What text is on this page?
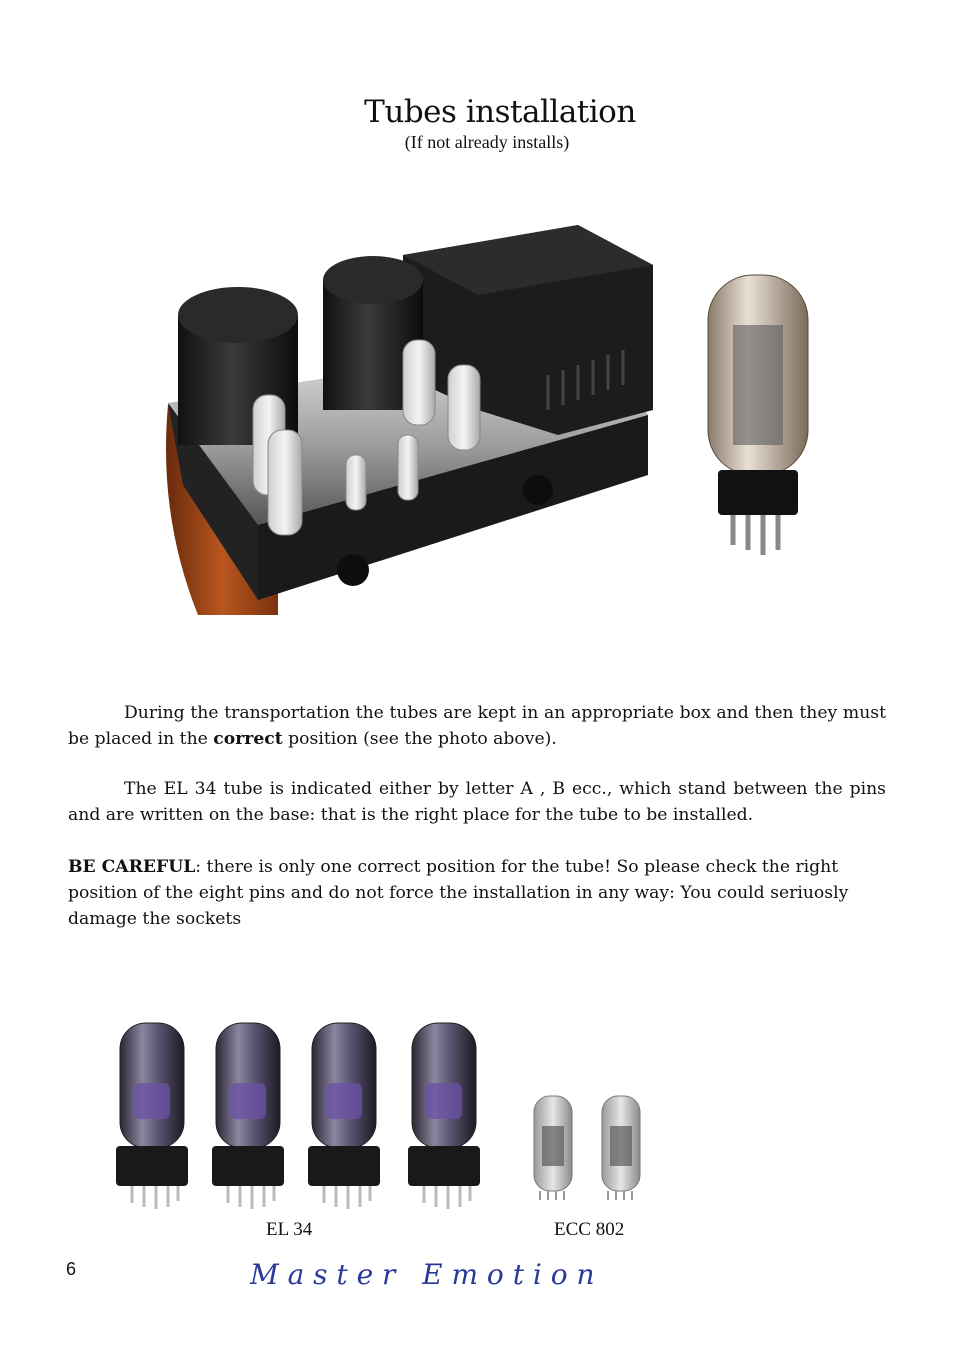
Tubes installation
(If not already installs)
During the transportation the tubes are kept in an appropriate box and then they must be placed in the correct position (see the photo above).
The EL 34 tube is indicated either by letter A , B ecc., which stand between the pins and are written on the base: that is the right place for the tube to be installed.
BE CAREFUL: there is only one correct position for the tube! So please check the right position of the eight pins and do not force the installation in any way: You could seriuosly damage the sockets
EL 34	ECC 802
6	M a s t e r   E m o t i o n
